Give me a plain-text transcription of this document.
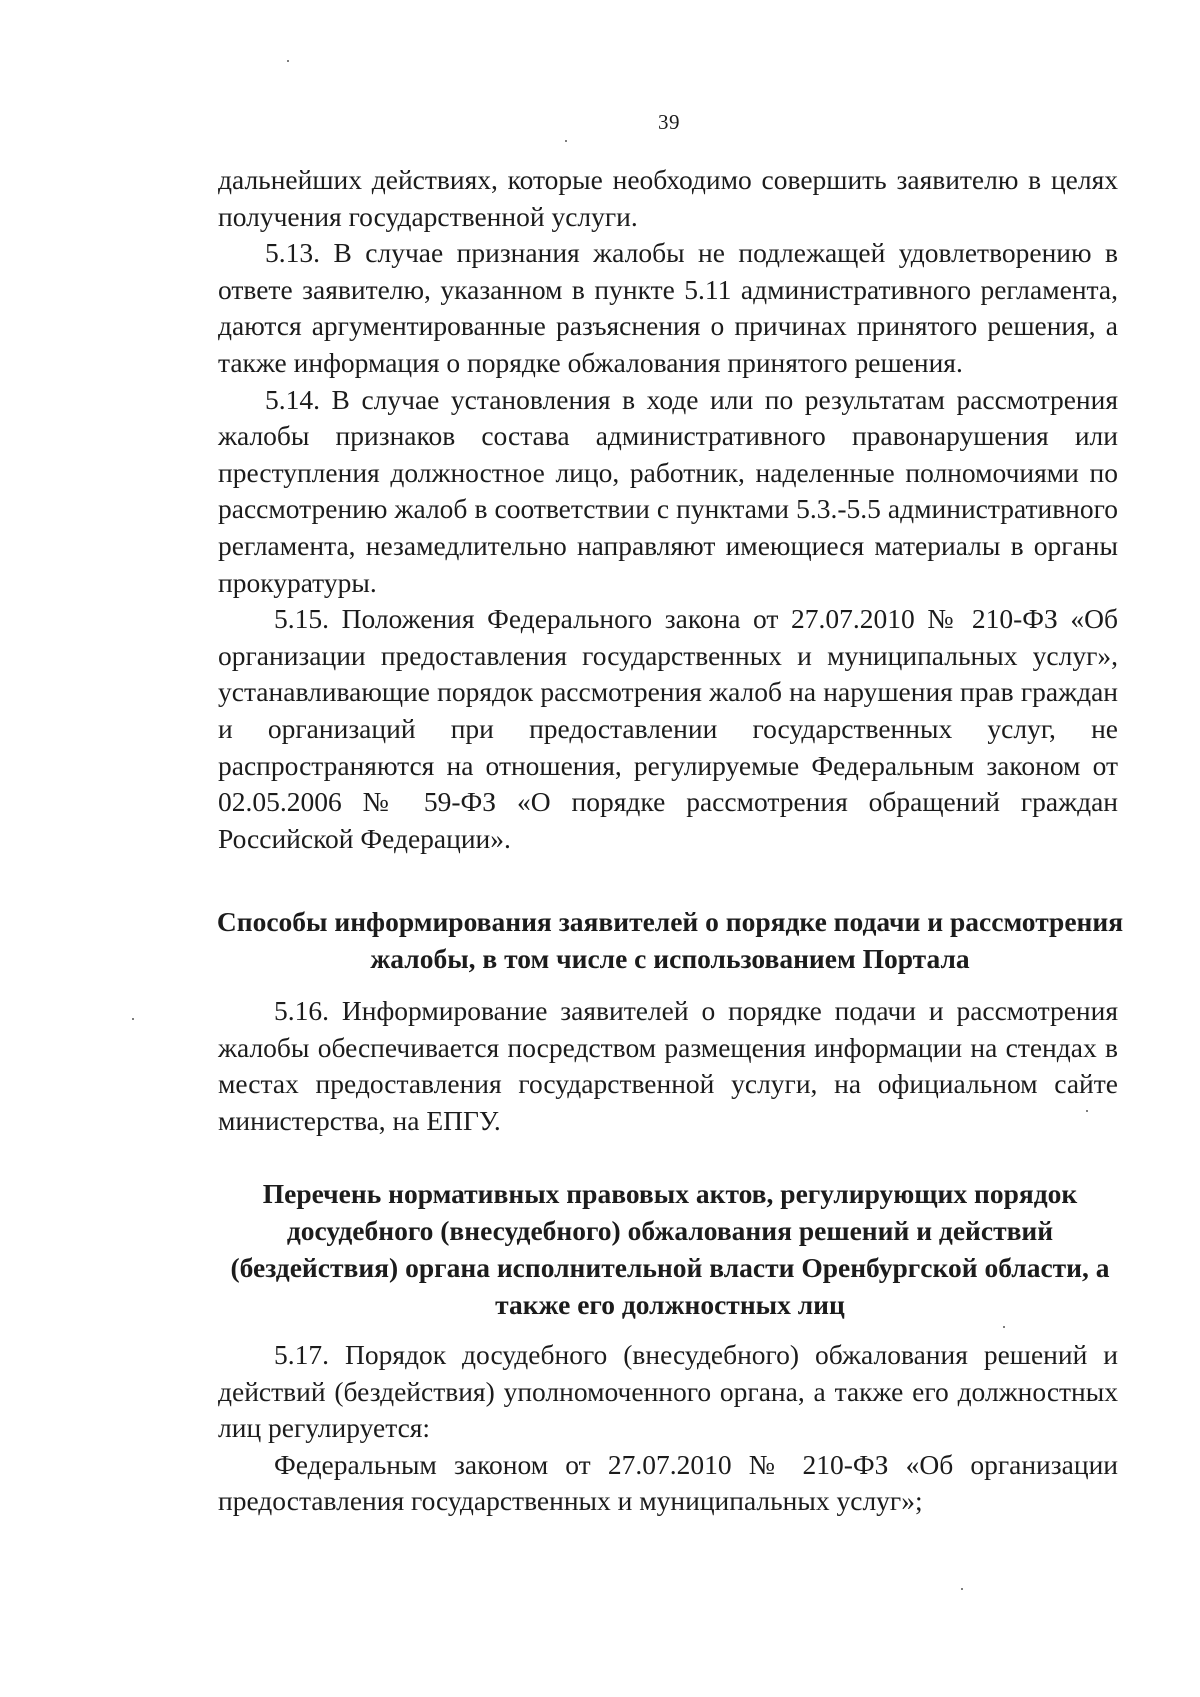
39

дальнейших действиях, которые необходимо совершить заявителю в целях получения государственной услуги.

5.13. В случае признания жалобы не подлежащей удовлетворению в ответе заявителю, указанном в пункте 5.11 административного регламента, даются аргументированные разъяснения о причинах принятого решения, а также информация о порядке обжалования принятого решения.

5.14. В случае установления в ходе или по результатам рассмотрения жалобы признаков состава административного правонарушения или преступления должностное лицо, работник, наделенные полномочиями по рассмотрению жалоб в соответствии с пунктами 5.3.-5.5 административного регламента, незамедлительно направляют имеющиеся материалы в органы прокуратуры.

5.15. Положения Федерального закона от 27.07.2010 № 210-ФЗ «Об организации предоставления государственных и муниципальных услуг», устанавливающие порядок рассмотрения жалоб на нарушения прав граждан и организаций при предоставлении государственных услуг, не распространяются на отношения, регулируемые Федеральным законом от 02.05.2006 № 59-ФЗ «О порядке рассмотрения обращений граждан Российской Федерации».

Способы информирования заявителей о порядке подачи и рассмотрения жалобы, в том числе с использованием Портала

5.16. Информирование заявителей о порядке подачи и рассмотрения жалобы обеспечивается посредством размещения информации на стендах в местах предоставления государственной услуги, на официальном сайте министерства, на ЕПГУ.

Перечень нормативных правовых актов, регулирующих порядок досудебного (внесудебного) обжалования решений и действий (бездействия) органа исполнительной власти Оренбургской области, а также его должностных лиц

5.17. Порядок досудебного (внесудебного) обжалования решений и действий (бездействия) уполномоченного органа, а также его должностных лиц регулируется:

Федеральным законом от 27.07.2010 № 210-ФЗ «Об организации предоставления государственных и муниципальных услуг»;
